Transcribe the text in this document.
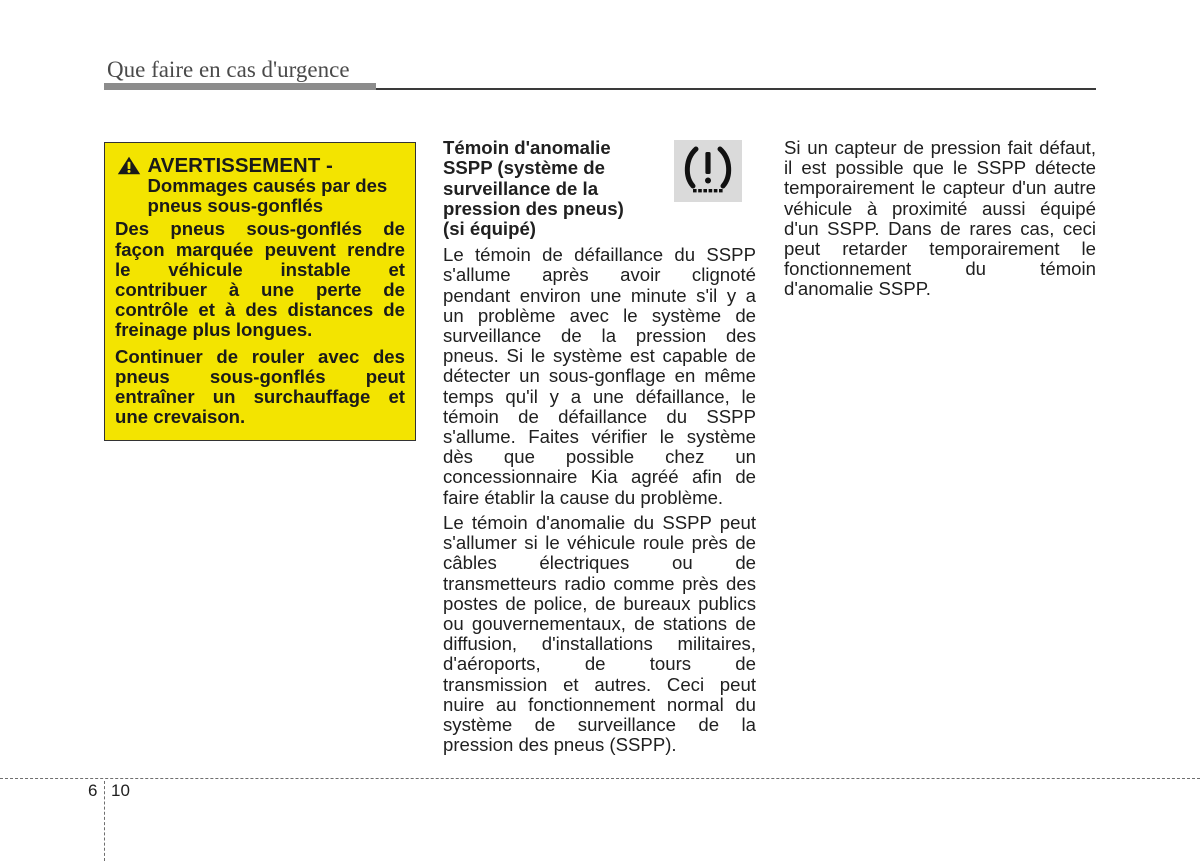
Que faire en cas d'urgence
AVERTISSEMENT -
Dommages causés par des
pneus sous-gonflés
Des pneus sous-gonflés de
façon marquée peuvent rendre
le véhicule instable et
contribuer à une perte de
contrôle et à des distances de
freinage plus longues.
Continuer de rouler avec des
pneus sous-gonflés peut
entraîner un surchauffage et
une crevaison.
Témoin d'anomalie
SSPP (système de
surveillance de la
pression des pneus)
(si équipé)
Le témoin de défaillance du SSPP
s'allume après avoir clignoté
pendant environ une minute s'il y a
un problème avec le système de
surveillance de la pression des
pneus. Si le système est capable de
détecter un sous-gonflage en même
temps qu'il y a une défaillance, le
témoin de défaillance du SSPP
s'allume. Faites vérifier le système
dès que possible chez un
concessionnaire Kia agréé afin de
faire établir la cause du problème.
Le témoin d'anomalie du SSPP peut
s'allumer si le véhicule roule près de
câbles électriques ou de
transmetteurs radio comme près des
postes de police, de bureaux publics
ou gouvernementaux, de stations de
diffusion, d'installations militaires,
d'aéroports, de tours de
transmission et autres. Ceci peut
nuire au fonctionnement normal du
système de surveillance de la
pression des pneus (SSPP).
Si un capteur de pression fait défaut,
il est possible que le SSPP détecte
temporairement le capteur d'un autre
véhicule à proximité aussi équipé
d'un SSPP. Dans de rares cas, ceci
peut retarder temporairement le
fonctionnement du témoin
d'anomalie SSPP.
6 10
